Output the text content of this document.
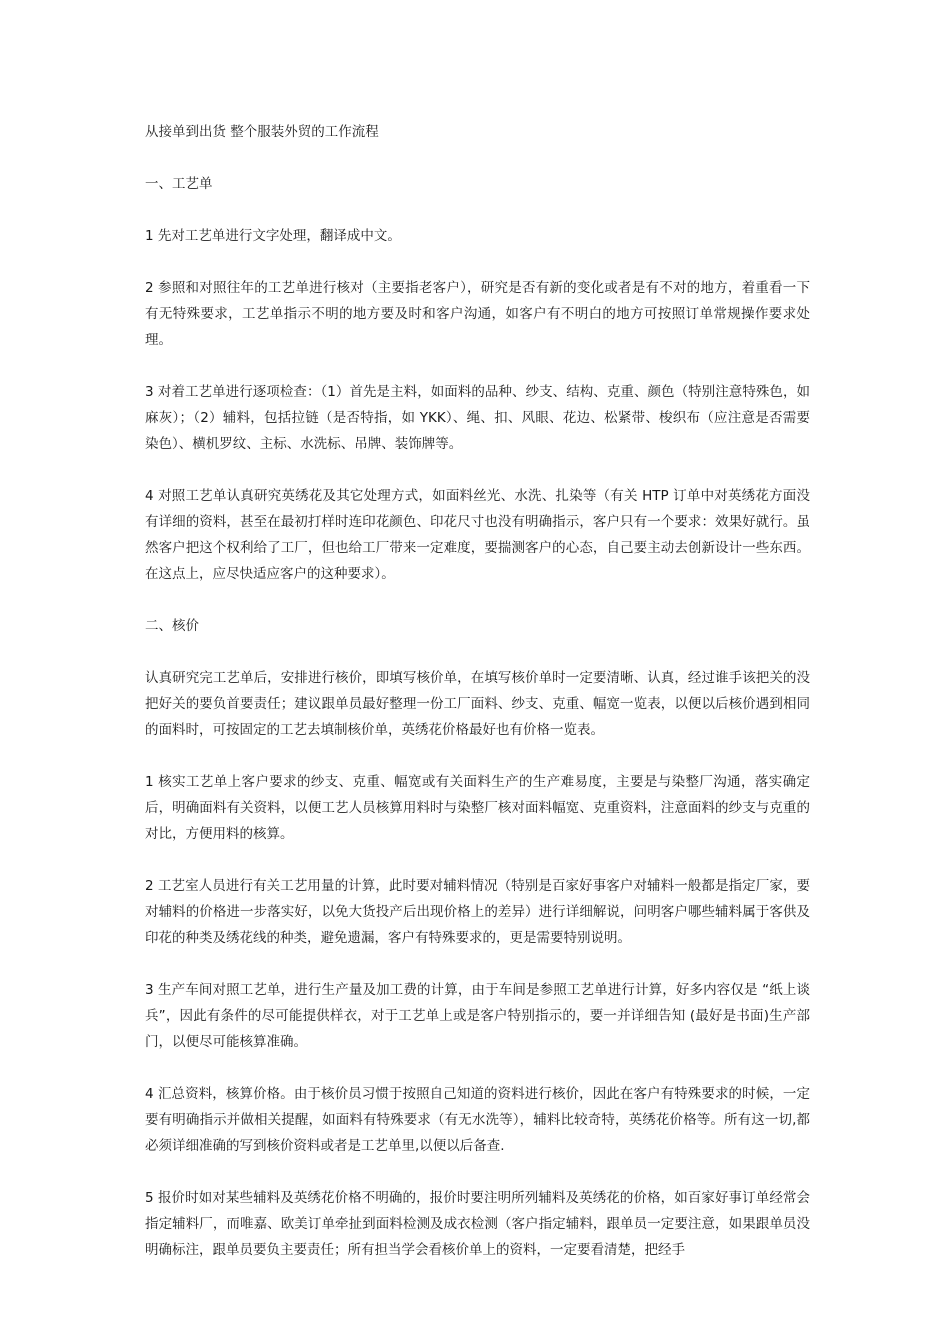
从接单到出货 整个服装外贸的工作流程

一、工艺单

1 先对工艺单进行文字处理，翻译成中文。

2 参照和对照往年的工艺单进行核对（主要指老客户），研究是否有新的变化或者是有不对的地方，着重看一下有无特殊要求，工艺单指示不明的地方要及时和客户沟通，如客户有不明白的地方可按照订单常规操作要求处理。

3 对着工艺单进行逐项检查：（1）首先是主料，如面料的品种、纱支、结构、克重、颜色（特别注意特殊色，如麻灰）；（2）辅料，包括拉链（是否特指，如 YKK）、绳、扣、风眼、花边、松紧带、梭织布（应注意是否需要染色）、横机罗纹、主标、水洗标、吊牌、装饰牌等。

4 对照工艺单认真研究英绣花及其它处理方式，如面料丝光、水洗、扎染等（有关 HTP 订单中对英绣花方面没有详细的资料，甚至在最初打样时连印花颜色、印花尺寸也没有明确指示，客户只有一个要求：效果好就行。虽然客户把这个权利给了工厂，但也给工厂带来一定难度，要揣测客户的心态，自己要主动去创新设计一些东西。在这点上，应尽快适应客户的这种要求）。

二、核价

认真研究完工艺单后，安排进行核价，即填写核价单，在填写核价单时一定要清晰、认真，经过谁手该把关的没把好关的要负首要责任；建议跟单员最好整理一份工厂面料、纱支、克重、幅宽一览表，以便以后核价遇到相同的面料时，可按固定的工艺去填制核价单，英绣花价格最好也有价格一览表。

1 核实工艺单上客户要求的纱支、克重、幅宽或有关面料生产的生产难易度，主要是与染整厂沟通，落实确定后，明确面料有关资料，以便工艺人员核算用料时与染整厂核对面料幅宽、克重资料，注意面料的纱支与克重的对比，方便用料的核算。

2 工艺室人员进行有关工艺用量的计算，此时要对辅料情况（特别是百家好事客户对辅料一般都是指定厂家，要对辅料的价格进一步落实好，以免大货投产后出现价格上的差异）进行详细解说，问明客户哪些辅料属于客供及印花的种类及绣花线的种类，避免遗漏，客户有特殊要求的，更是需要特别说明。

3 生产车间对照工艺单，进行生产量及加工费的计算，由于车间是参照工艺单进行计算，好多内容仅是 “纸上谈兵”，因此有条件的尽可能提供样衣，对于工艺单上或是客户特别指示的，要一并详细告知 (最好是书面)生产部门，以便尽可能核算准确。

4 汇总资料，核算价格。由于核价员习惯于按照自己知道的资料进行核价，因此在客户有特殊要求的时候，一定要有明确指示并做相关提醒，如面料有特殊要求（有无水洗等），辅料比较奇特，英绣花价格等。所有这一切,都必须详细准确的写到核价资料或者是工艺单里,以便以后备查.

5 报价时如对某些辅料及英绣花价格不明确的，报价时要注明所列辅料及英绣花的价格，如百家好事订单经常会指定辅料厂，而唯嘉、欧美订单牵扯到面料检测及成衣检测（客户指定辅料，跟单员一定要注意，如果跟单员没明确标注，跟单员要负主要责任；所有担当学会看核价单上的资料，一定要看清楚，把经手
